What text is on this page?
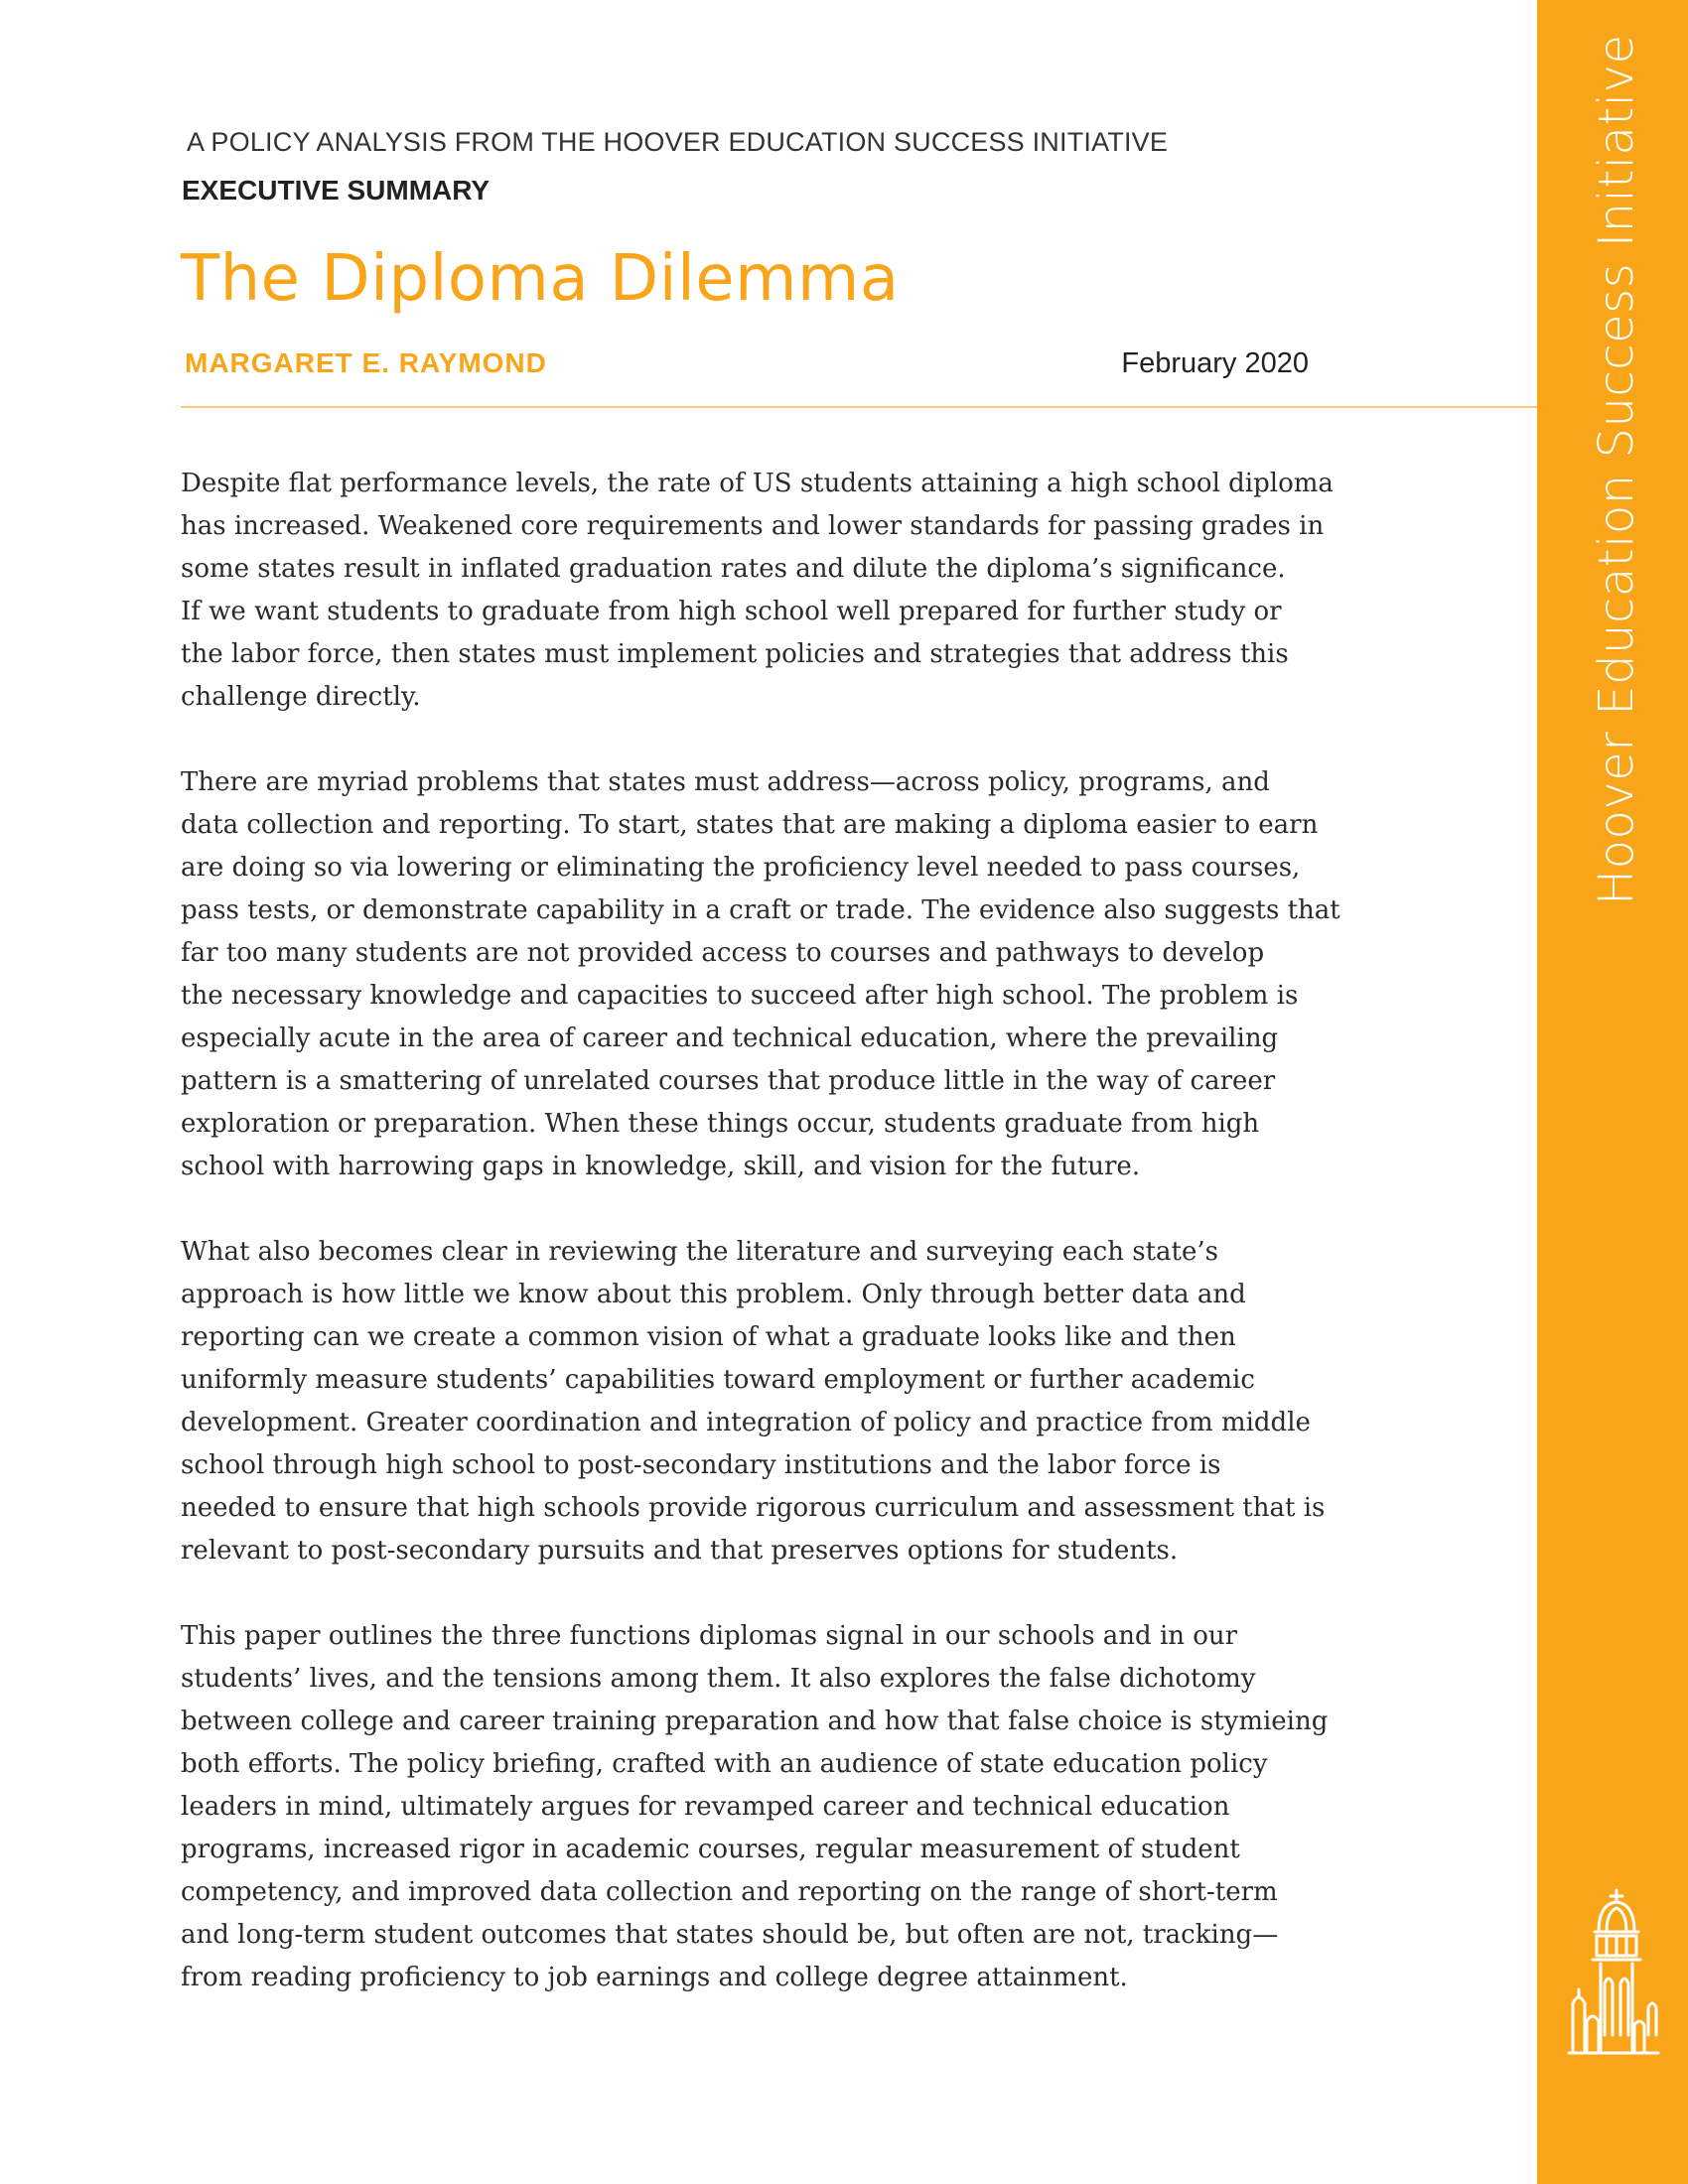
Hoover Education Success Initiative
A POLICY ANALYSIS FROM THE HOOVER EDUCATION SUCCESS INITIATIVE
EXECUTIVE SUMMARY
The Diploma Dilemma
MARGARET E. RAYMOND	February 2020

Despite flat performance levels, the rate of US students attaining a high school diploma
has increased. Weakened core requirements and lower standards for passing grades in
some states result in inflated graduation rates and dilute the diploma’s significance.
If we want students to graduate from high school well prepared for further study or
the labor force, then states must implement policies and strategies that address this
challenge directly.

There are myriad problems that states must address—across policy, programs, and
data collection and reporting. To start, states that are making a diploma easier to earn
are doing so via lowering or eliminating the proficiency level needed to pass courses,
pass tests, or demonstrate capability in a craft or trade. The evidence also suggests that
far too many students are not provided access to courses and pathways to develop
the necessary knowledge and capacities to succeed after high school. The problem is
especially acute in the area of career and technical education, where the prevailing
pattern is a smattering of unrelated courses that produce little in the way of career
exploration or preparation. When these things occur, students graduate from high
school with harrowing gaps in knowledge, skill, and vision for the future.

What also becomes clear in reviewing the literature and surveying each state’s
approach is how little we know about this problem. Only through better data and
reporting can we create a common vision of what a graduate looks like and then
uniformly measure students’ capabilities toward employment or further academic
development. Greater coordination and integration of policy and practice from middle
school through high school to post-secondary institutions and the labor force is
needed to ensure that high schools provide rigorous curriculum and assessment that is
relevant to post-secondary pursuits and that preserves options for students.

This paper outlines the three functions diplomas signal in our schools and in our
students’ lives, and the tensions among them. It also explores the false dichotomy
between college and career training preparation and how that false choice is stymieing
both efforts. The policy briefing, crafted with an audience of state education policy
leaders in mind, ultimately argues for revamped career and technical education
programs, increased rigor in academic courses, regular measurement of student
competency, and improved data collection and reporting on the range of short-term
and long-term student outcomes that states should be, but often are not, tracking—
from reading proficiency to job earnings and college degree attainment.
